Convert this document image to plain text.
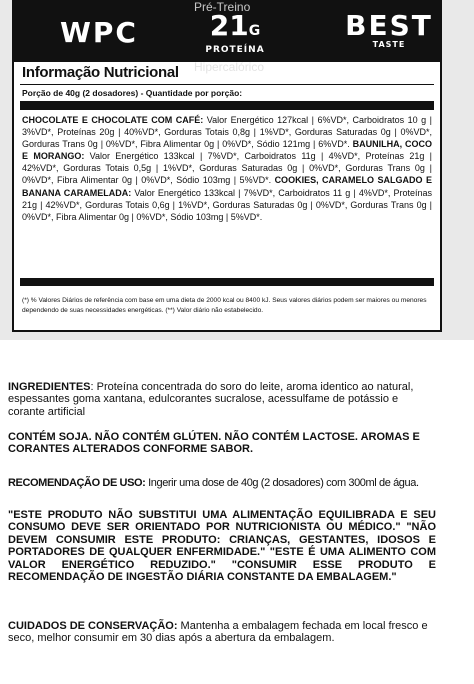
WPC	21G
PROTEÍNA
BEST
TASTE
Pré-Treino
Hipercalórico
Informação Nutricional
Porção de 40g (2 dosadores) - Quantidade por porção:
CHOCOLATE E CHOCOLATE COM CAFÉ: Valor Energético 127kcal | 6%VD*, Carboidratos 10 g | 3%VD*, Proteínas 20g | 40%VD*, Gorduras Totais 0,8g | 1%VD*, Gorduras Saturadas 0g | 0%VD*, Gorduras Trans 0g | 0%VD*, Fibra Alimentar 0g | 0%VD*, Sódio 121mg | 6%VD*. BAUNILHA, COCO E MORANGO: Valor Energético 133kcal | 7%VD*, Carboidratos 11g | 4%VD*, Proteínas 21g | 42%VD*, Gorduras Totais 0,5g | 1%VD*, Gorduras Saturadas 0g | 0%VD*, Gorduras Trans 0g | 0%VD*, Fibra Alimentar 0g | 0%VD*, Sódio 103mg | 5%VD*. COOKIES, CARAMELO SALGADO E BANANA CARAMELADA: Valor Energético 133kcal | 7%VD*, Carboidratos 11 g | 4%VD*, Proteínas 21g | 42%VD*, Gorduras Totais 0,6g | 1%VD*, Gorduras Saturadas 0g | 0%VD*, Gorduras Trans 0g | 0%VD*, Fibra Alimentar 0g | 0%VD*, Sódio 103mg | 5%VD*.
(*) % Valores Diários de referência com base em uma dieta de 2000 kcal ou 8400 kJ. Seus valores diários podem ser maiores ou menores dependendo de suas necessidades energéticas. (**) Valor diário não estabelecido.
INGREDIENTES: Proteína concentrada do soro do leite, aroma identico ao natural, espessantes goma xantana, edulcorantes sucralose, acessulfame de potássio e corante artificial
CONTÉM SOJA. NÃO CONTÉM GLÚTEN. NÃO CONTÉM LACTOSE. AROMAS E CORANTES ALTERADOS CONFORME SABOR.
RECOMENDAÇÃO DE USO: Ingerir uma dose de 40g (2 dosadores) com 300ml de água.
"ESTE PRODUTO NÃO SUBSTITUI UMA ALIMENTAÇÃO EQUILIBRADA E SEU CONSUMO DEVE SER ORIENTADO POR NUTRICIONISTA OU MÉDICO." "NÃO DEVEM CONSUMIR ESTE PRODUTO: CRIANÇAS, GESTANTES, IDOSOS E PORTADORES DE QUALQUER ENFERMIDADE." "ESTE É UMA ALIMENTO COM VALOR ENERGÉTICO REDUZIDO." "CONSUMIR ESSE PRODUTO E RECOMENDAÇÃO DE INGESTÃO DIÁRIA CONSTANTE DA EMBALAGEM."
CUIDADOS DE CONSERVAÇÃO: Mantenha a embalagem fechada em local fresco e seco, melhor consumir em 30 dias após a abertura da embalagem.
